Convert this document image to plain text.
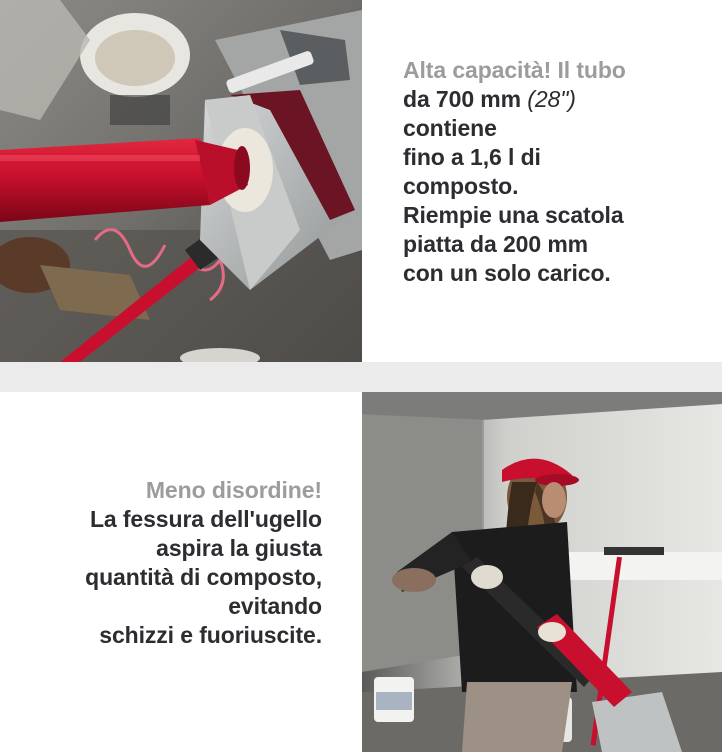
Alta capacità! Il tubo
da 700 mm (28")
contiene
fino a 1,6 l di
composto.
Riempie una scatola
piatta da 200 mm
con un solo carico.
Meno disordine!
La fessura dell'ugello
aspira la giusta
quantità di composto,
evitando
schizzi e fuoriuscite.
